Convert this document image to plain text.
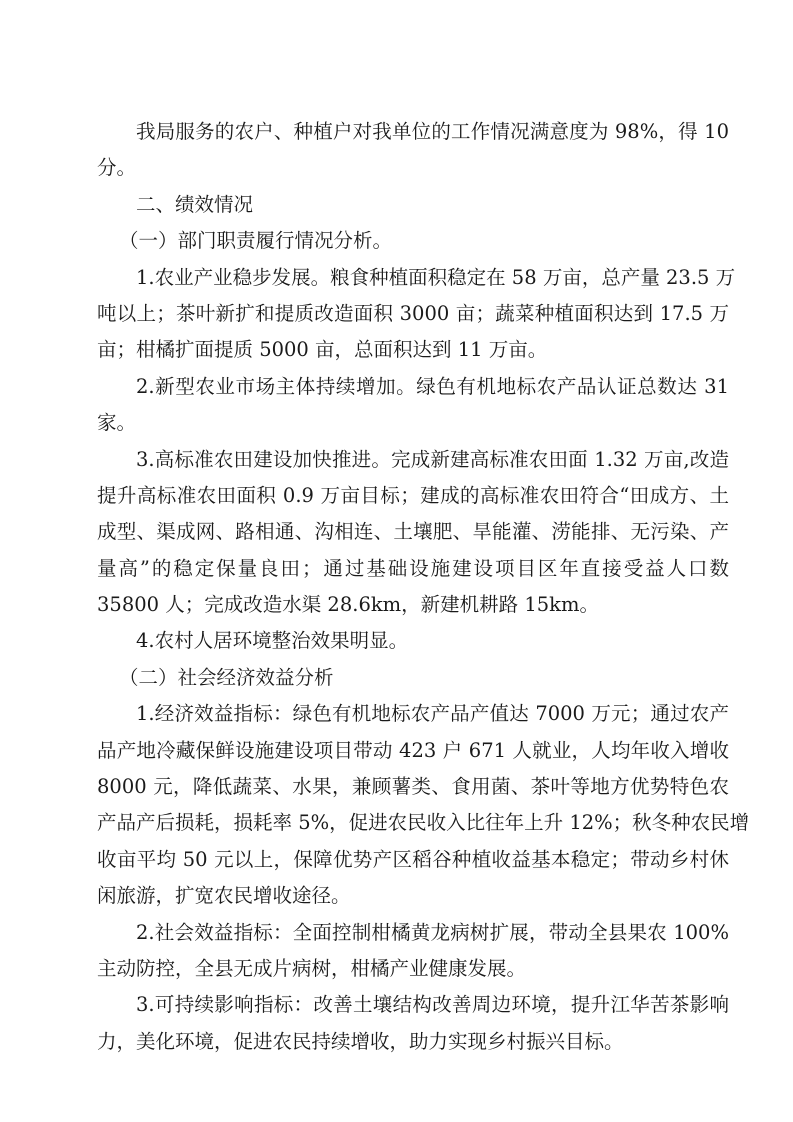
我局服务的农户、种植户对我单位的工作情况满意度为 98%，得 10
分。
二、绩效情况
（一）部门职责履行情况分析。
1.农业产业稳步发展。粮食种植面积稳定在 58 万亩，总产量 23.5 万
吨以上；茶叶新扩和提质改造面积 3000 亩；蔬菜种植面积达到 17.5 万
亩；柑橘扩面提质 5000 亩，总面积达到 11 万亩。
2.新型农业市场主体持续增加。绿色有机地标农产品认证总数达 31
家。
3.高标准农田建设加快推进。完成新建高标准农田面 1.32 万亩,改造
提升高标准农田面积 0.9 万亩目标；建成的高标准农田符合“田成方、土
成型、渠成网、路相通、沟相连、土壤肥、旱能灌、涝能排、无污染、产
量高”的稳定保量良田；通过基础设施建设项目区年直接受益人口数
35800 人；完成改造水渠 28.6km，新建机耕路 15km。
4.农村人居环境整治效果明显。
（二）社会经济效益分析
1.经济效益指标：绿色有机地标农产品产值达 7000 万元；通过农产
品产地冷藏保鲜设施建设项目带动 423 户 671 人就业，人均年收入增收
8000 元，降低蔬菜、水果，兼顾薯类、食用菌、茶叶等地方优势特色农
产品产后损耗，损耗率 5%，促进农民收入比往年上升 12%；秋冬种农民增
收亩平均 50 元以上，保障优势产区稻谷种植收益基本稳定；带动乡村休
闲旅游，扩宽农民增收途径。
2.社会效益指标：全面控制柑橘黄龙病树扩展，带动全县果农 100%
主动防控，全县无成片病树，柑橘产业健康发展。
3.可持续影响指标：改善土壤结构改善周边环境，提升江华苦茶影响
力，美化环境，促进农民持续增收，助力实现乡村振兴目标。
